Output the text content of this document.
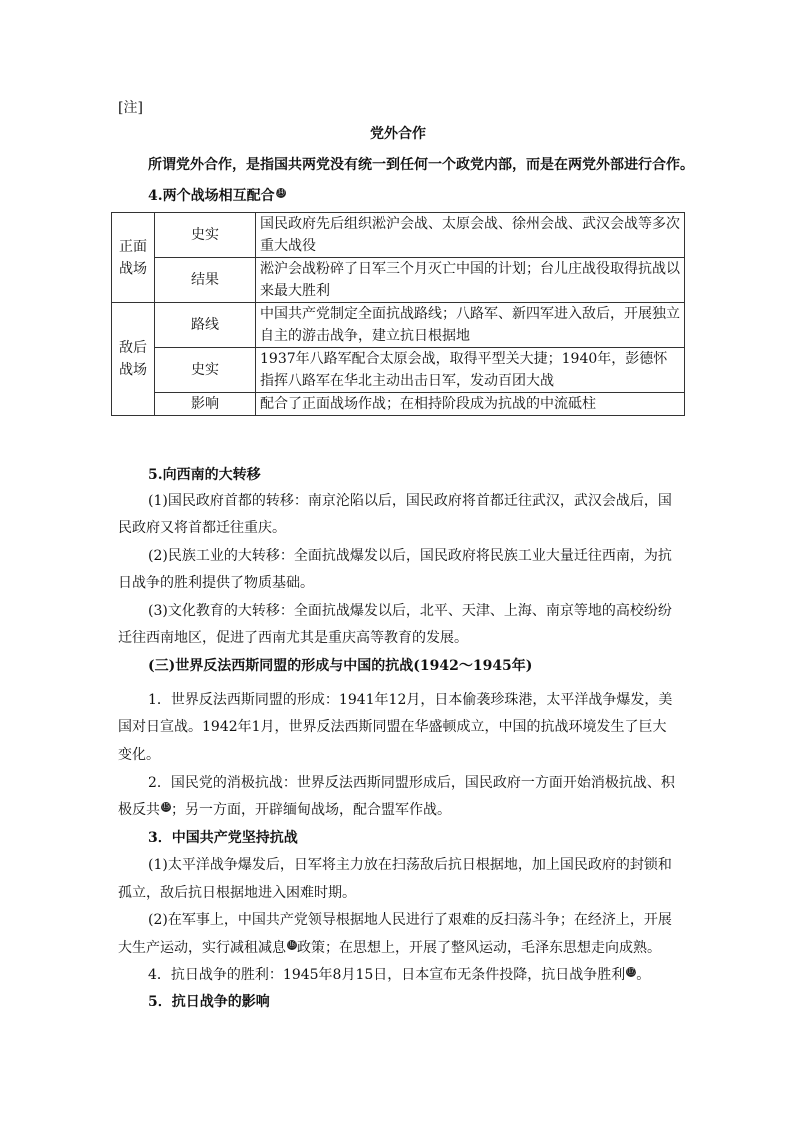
[注]
党外合作
所谓党外合作，是指国共两党没有统一到任何一个政党内部，而是在两党外部进行合作。
4.两个战场相互配合⑭
正面
战场	史实	国民政府先后组织淞沪会战、太原会战、徐州会战、武汉会战等多次重大战役
	结果	淞沪会战粉碎了日军三个月灭亡中国的计划；台儿庄战役取得抗战以来最大胜利
敌后
战场	路线	中国共产党制定全面抗战路线；八路军、新四军进入敌后，开展独立自主的游击战争，建立抗日根据地
	史实	1937年八路军配合太原会战，取得平型关大捷；1940年，彭德怀指挥八路军在华北主动出击日军，发动百团大战
	影响	配合了正面战场作战；在相持阶段成为抗战的中流砥柱
5.向西南的大转移
(1)国民政府首都的转移：南京沦陷以后，国民政府将首都迁往武汉，武汉会战后，国
民政府又将首都迁往重庆。
(2)民族工业的大转移：全面抗战爆发以后，国民政府将民族工业大量迁往西南，为抗
日战争的胜利提供了物质基础。
(3)文化教育的大转移：全面抗战爆发以后，北平、天津、上海、南京等地的高校纷纷
迁往西南地区，促进了西南尤其是重庆高等教育的发展。
(三)世界反法西斯同盟的形成与中国的抗战(1942～1945年)
1．世界反法西斯同盟的形成：1941年12月，日本偷袭珍珠港，太平洋战争爆发，美
国对日宣战。1942年1月，世界反法西斯同盟在华盛顿成立，中国的抗战环境发生了巨大
变化。
2．国民党的消极抗战：世界反法西斯同盟形成后，国民政府一方面开始消极抗战、积
极反共⑮；另一方面，开辟缅甸战场，配合盟军作战。
3．中国共产党坚持抗战
(1)太平洋战争爆发后，日军将主力放在扫荡敌后抗日根据地，加上国民政府的封锁和
孤立，敌后抗日根据地进入困难时期。
(2)在军事上，中国共产党领导根据地人民进行了艰难的反扫荡斗争；在经济上，开展
大生产运动，实行减租减息⑯政策；在思想上，开展了整风运动，毛泽东思想走向成熟。
4．抗日战争的胜利：1945年8月15日，日本宣布无条件投降，抗日战争胜利⑰。
5．抗日战争的影响
